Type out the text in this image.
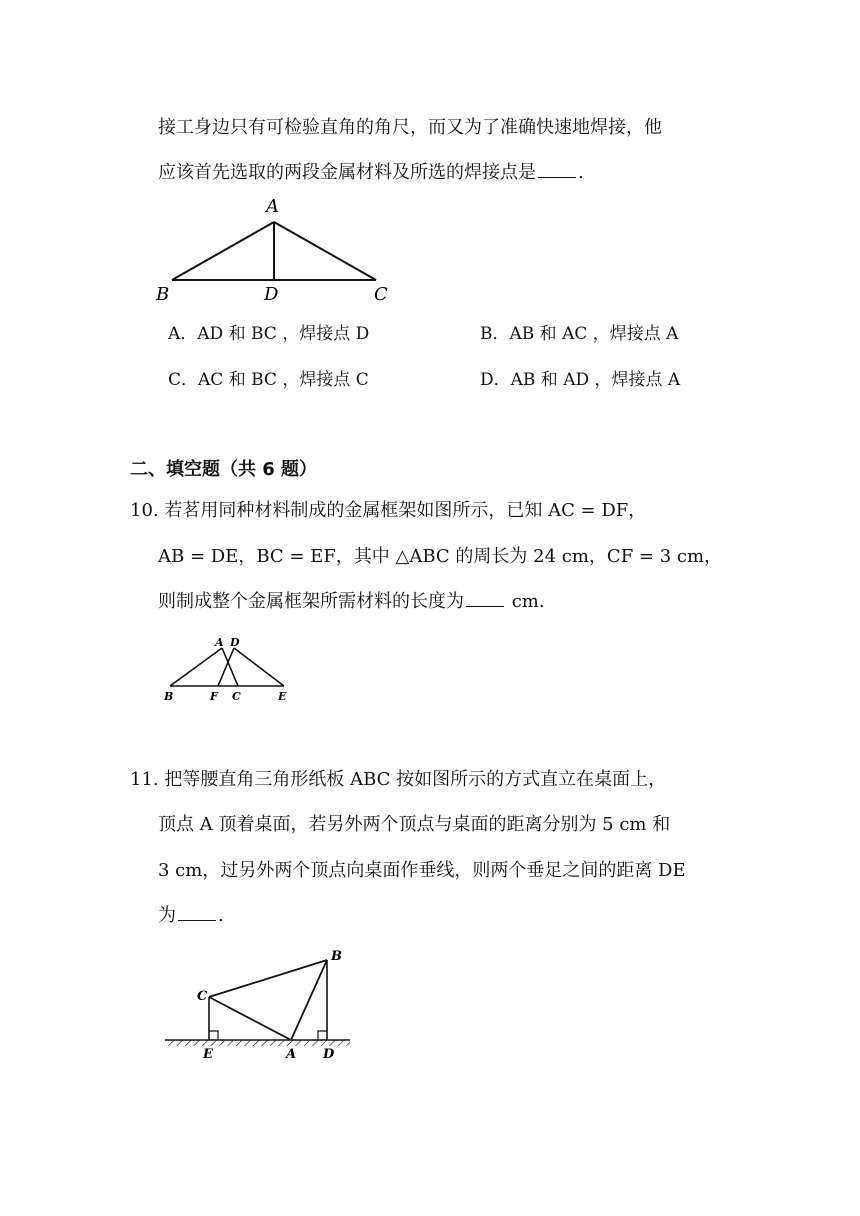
接工身边只有可检验直角的角尺，而又为了准确快速地焊接，他
应该首先选取的两段金属材料及所选的焊接点是 .
A
B	D	C
A．AD 和 BC ，焊接点 D	B．AB 和 AC ，焊接点 A
C．AC 和 BC ，焊接点 C	D．AB 和 AD ，焊接点 A
二、填空题（共 6 题）
10. 若茗用同种材料制成的金属框架如图所示，已知 AC = DF，
AB = DE，BC = EF，其中 △ABC 的周长为 24 cm，CF = 3 cm，
则制成整个金属框架所需材料的长度为 cm.
A D
B	F C	E
11. 把等腰直角三角形纸板 ABC 按如图所示的方式直立在桌面上，
顶点 A 顶着桌面，若另外两个顶点与桌面的距离分别为 5 cm 和
3 cm，过另外两个顶点向桌面作垂线，则两个垂足之间的距离 DE
为 .
B
C
E	A D
